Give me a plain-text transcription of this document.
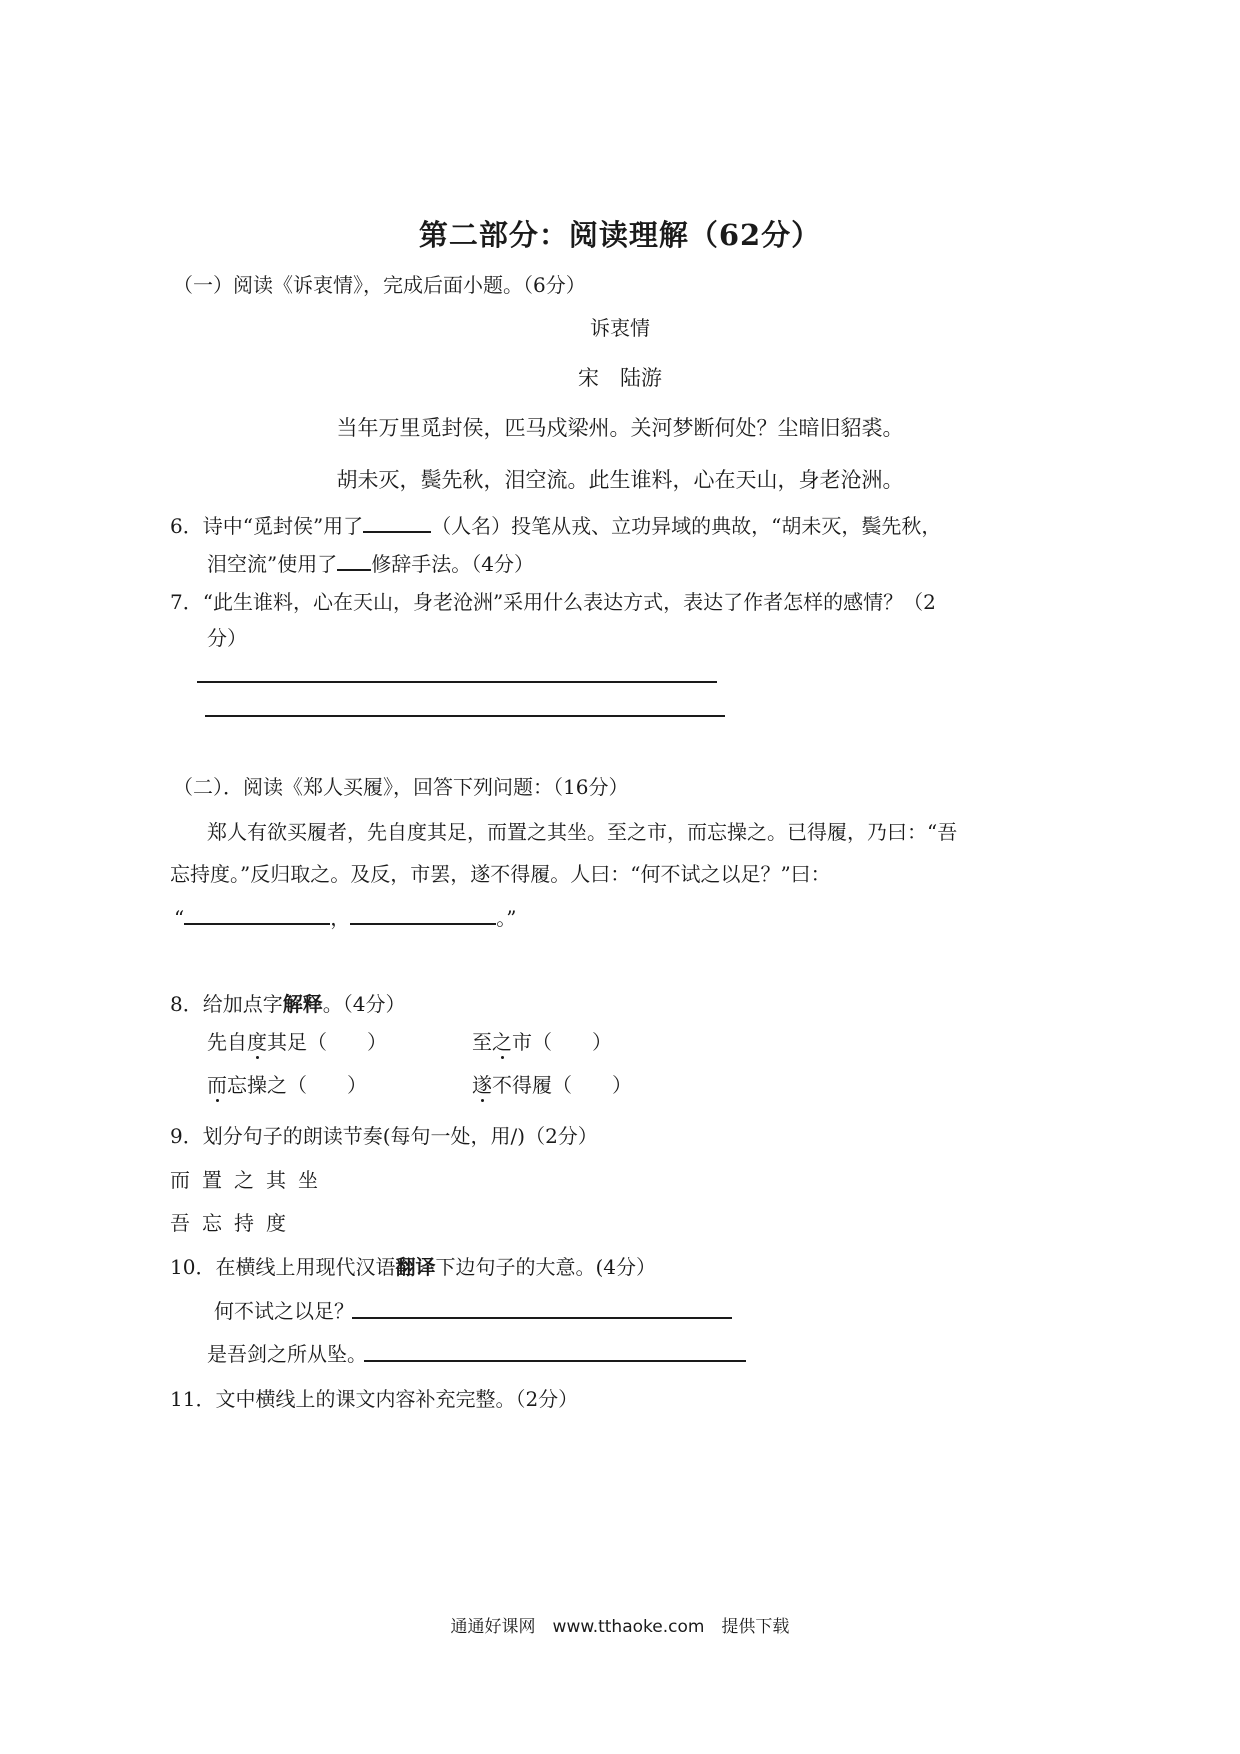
第二部分：阅读理解（62分）
（一）阅读《诉衷情》，完成后面小题。（6分）
诉衷情
宋　陆游
当年万里觅封侯，匹马戍梁州。关河梦断何处？尘暗旧貂裘。
胡未灭，鬓先秋，泪空流。此生谁料，心在天山，身老沧洲。
6．诗中“觅封侯”用了	（人名）投笔从戎、立功异域的典故，“胡未灭，鬓先秋，
泪空流”使用了 修辞手法。（4分）
7．“此生谁料，心在天山，身老沧洲”采用什么表达方式，表达了作者怎样的感情？（2
分）
（二）．阅读《郑人买履》，回答下列问题：（16分）
郑人有欲买履者，先自度其足，而置之其坐。至之市，而忘操之。已得履，乃曰：“吾
忘持度。”反归取之。及反，市罢，遂不得履。人曰：“何不试之以足？”曰：
“	，	。”
8．给加点字解释。（4分）
先自度其足（　　）	至之市（　　）
而忘操之（　　）	遂不得履（　　）
9．划分句子的朗读节奏(每句一处，用/)（2分）
而置之其坐
吾忘持度
10．在横线上用现代汉语翻译下边句子的大意。(4分）
何不试之以足？
是吾剑之所从坠。
11．文中横线上的课文内容补充完整。（2分）
通通好课网　www.tthaoke.com　提供下载
